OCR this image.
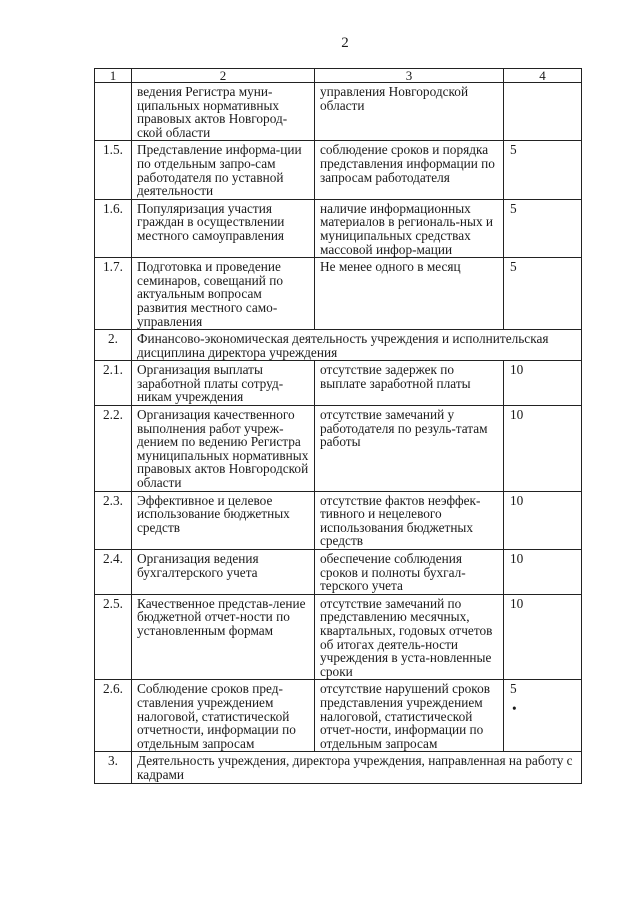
2
1	2	3	4
	ведения Регистра муни-ципальных нормативных правовых актов Новгород-ской области	управления Новгородской области	
1.5.	Представление информа-ции по отдельным запро-сам работодателя по уставной деятельности	соблюдение сроков и порядка представления информации по запросам работодателя	5
1.6.	Популяризация участия граждан в осуществлении местного самоуправления	наличие информационных материалов в региональ-ных и муниципальных средствах массовой инфор-мации	5
1.7.	Подготовка и проведение семинаров, совещаний по актуальным вопросам развития местного само-управления	Не менее одного в месяц	5
2.	Финансово-экономическая деятельность учреждения и исполнительская дисциплина директора учреждения		
2.1.	Организация выплаты заработной платы сотруд-никам учреждения	отсутствие задержек по выплате заработной платы	10
2.2.	Организация качественного выполнения работ учреж-дением по ведению Регистра муниципальных нормативных правовых актов Новгородской области	отсутствие замечаний у работодателя по резуль-татам работы	10
2.3.	Эффективное и целевое использование бюджетных средств	отсутствие фактов неэффек-тивного и нецелевого использования бюджетных средств	10
2.4.	Организация ведения бухгалтерского учета	обеспечение соблюдения сроков и полноты бухгал-терского учета	10
2.5.	Качественное представ-ление бюджетной отчет-ности по установленным формам	отсутствие замечаний по представлению месячных, квартальных, годовых отчетов об итогах деятель-ности учреждения в уста-новленные сроки	10
2.6.	Соблюдение сроков пред-ставления учреждением налоговой, статистической отчетности, информации по отдельным запросам	отсутствие нарушений сроков представления учреждением налоговой, статистической отчет-ности, информации по отдельным запросам	5
•

3.	Деятельность учреждения, директора учреждения, направленная на работу с кадрами		
